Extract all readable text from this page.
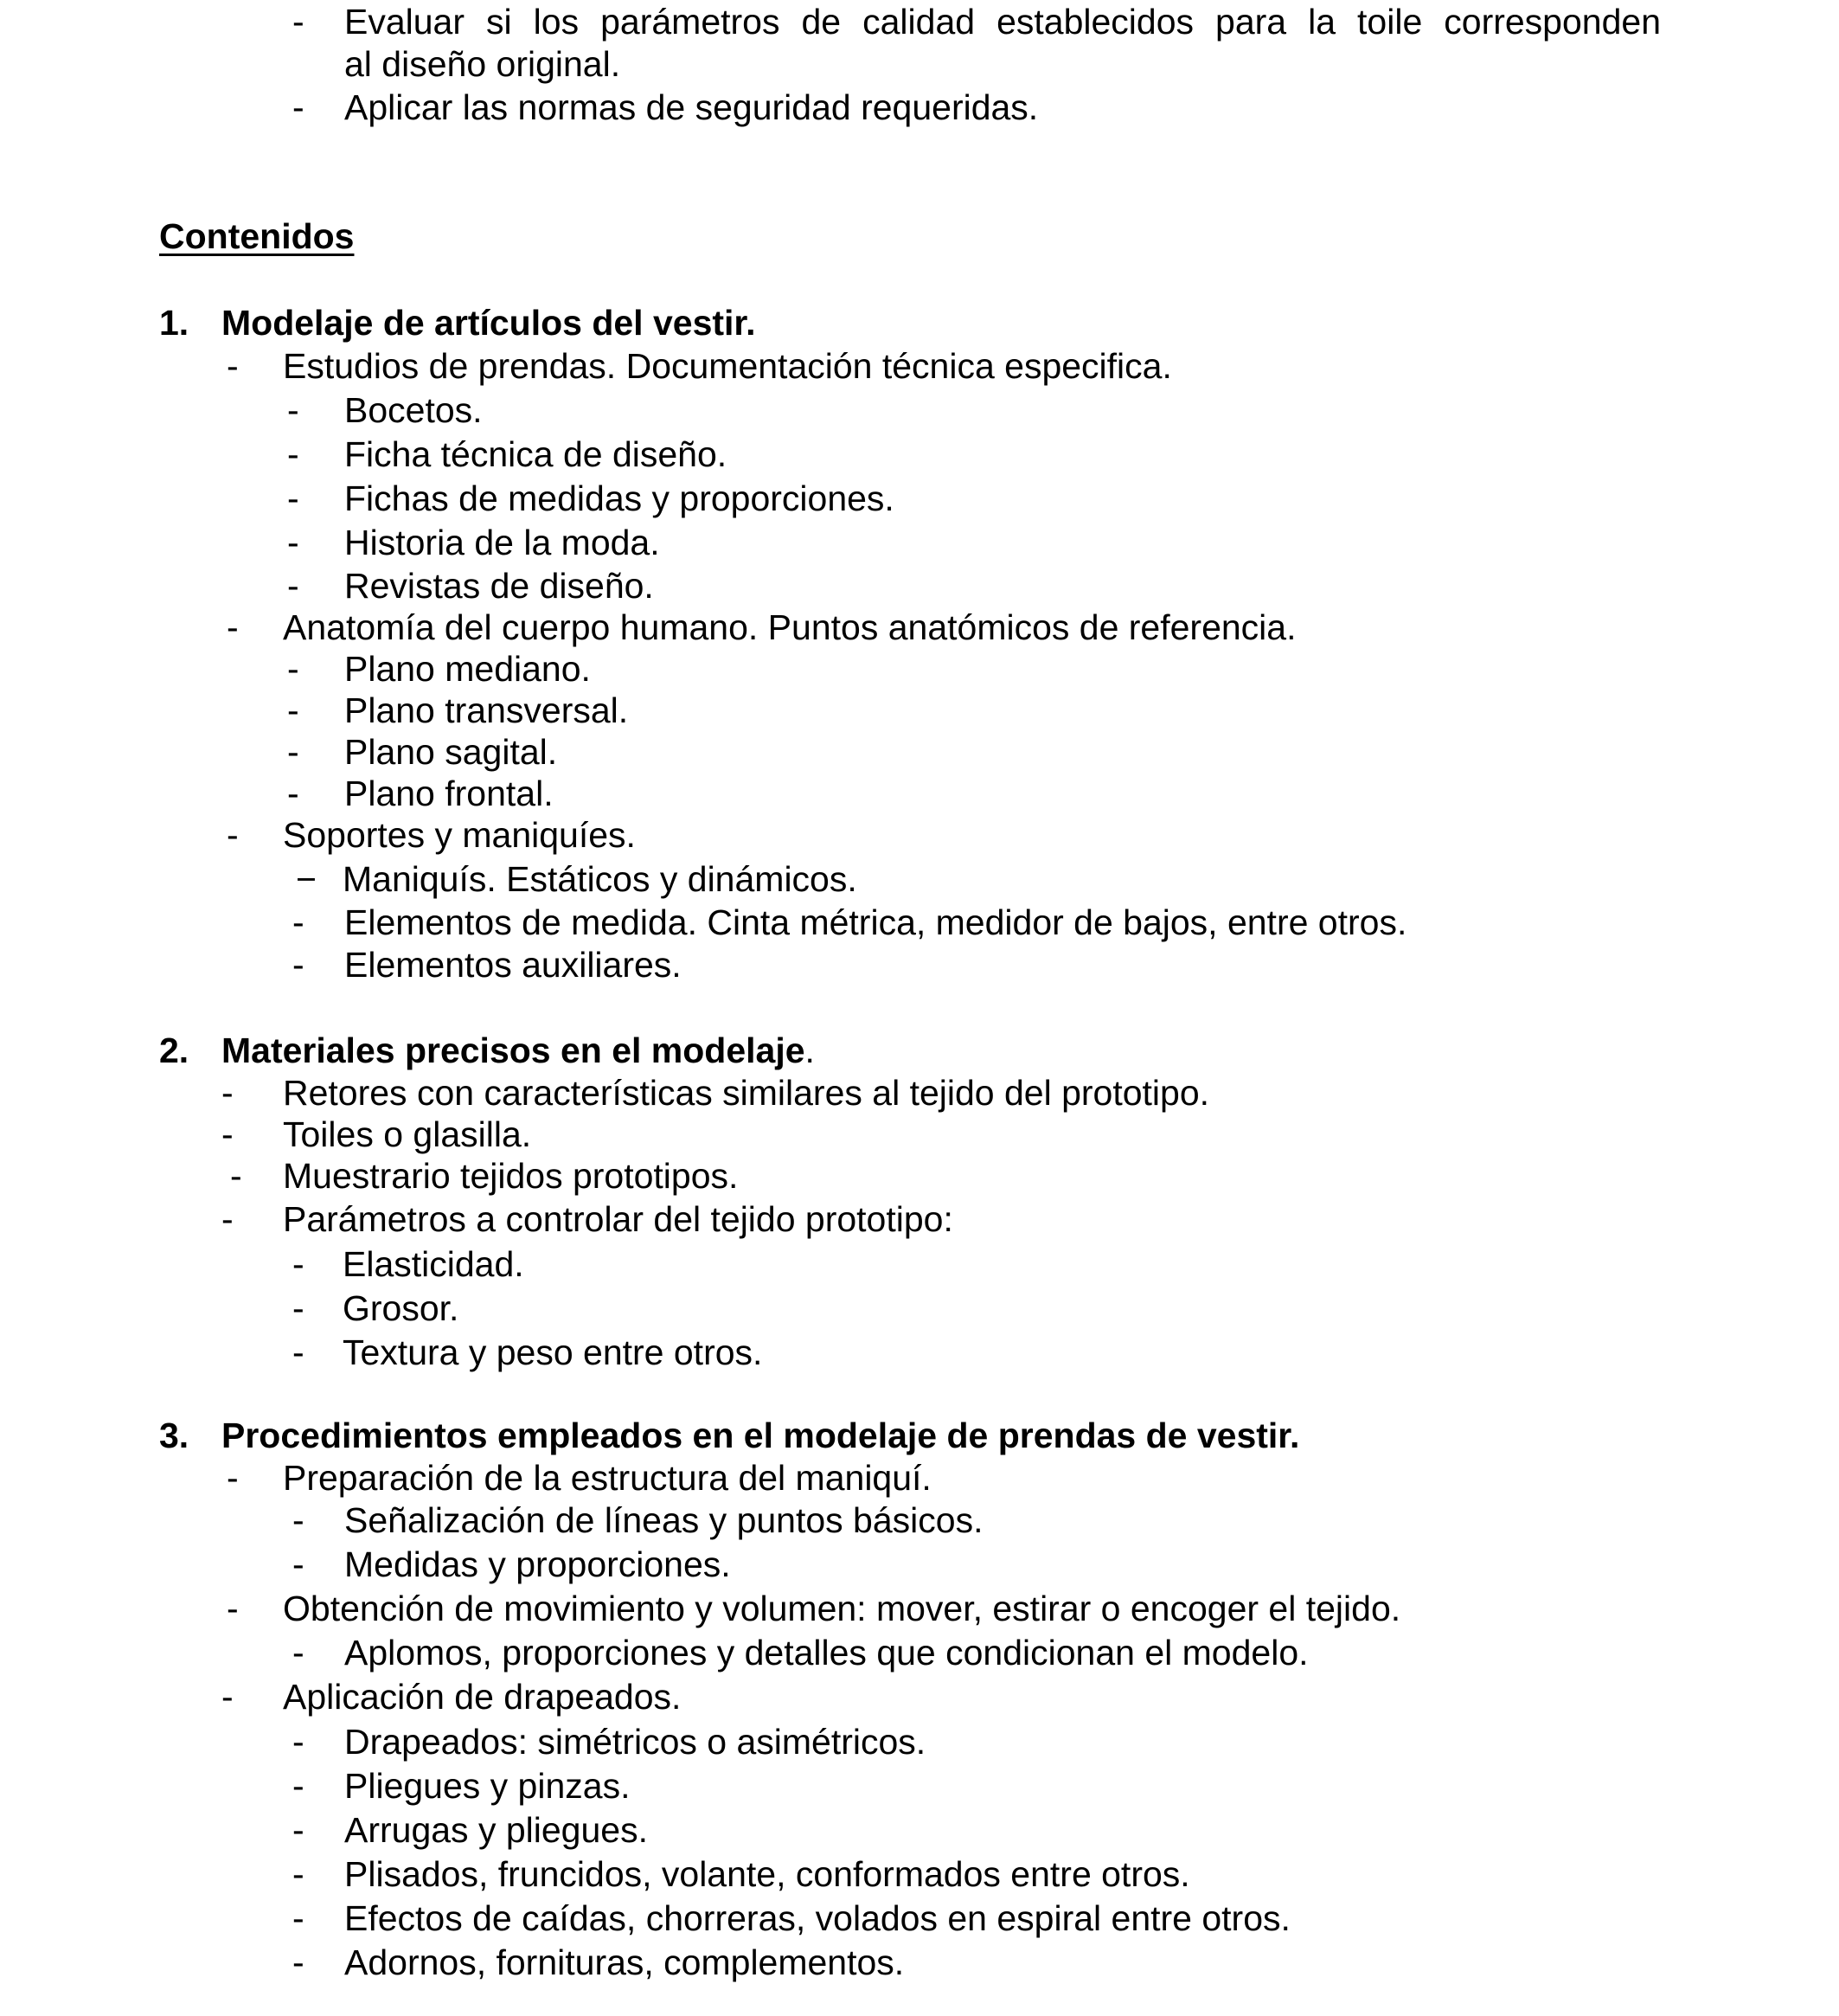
- Evaluar si los parámetros de calidad establecidos para la toile corresponden
al diseño original.
- Aplicar las normas de seguridad requeridas.
Contenidos
1. Modelaje de artículos del vestir.
- Estudios de prendas. Documentación técnica especifica.
- Bocetos.
- Ficha técnica de diseño.
- Fichas de medidas y proporciones.
- Historia de la moda.
- Revistas de diseño.
- Anatomía del cuerpo humano. Puntos anatómicos de referencia.
- Plano mediano.
- Plano transversal.
- Plano sagital.
- Plano frontal.
- Soportes y maniquíes.
− Maniquís. Estáticos y dinámicos.
- Elementos de medida. Cinta métrica, medidor de bajos, entre otros.
- Elementos auxiliares.
2. Materiales precisos en el modelaje.
- Retores con características similares al tejido del prototipo.
- Toiles o glasilla.
- Muestrario tejidos prototipos.
- Parámetros a controlar del tejido prototipo:
- Elasticidad.
- Grosor.
- Textura y peso entre otros.
3. Procedimientos empleados en el modelaje de prendas de vestir.
- Preparación de la estructura del maniquí.
- Señalización de líneas y puntos básicos.
- Medidas y proporciones.
- Obtención de movimiento y volumen: mover, estirar o encoger el tejido.
- Aplomos, proporciones y detalles que condicionan el modelo.
- Aplicación de drapeados.
- Drapeados: simétricos o asimétricos.
- Pliegues y pinzas.
- Arrugas y pliegues.
- Plisados, fruncidos, volante, conformados entre otros.
- Efectos de caídas, chorreras, volados en espiral entre otros.
- Adornos, fornituras, complementos.
